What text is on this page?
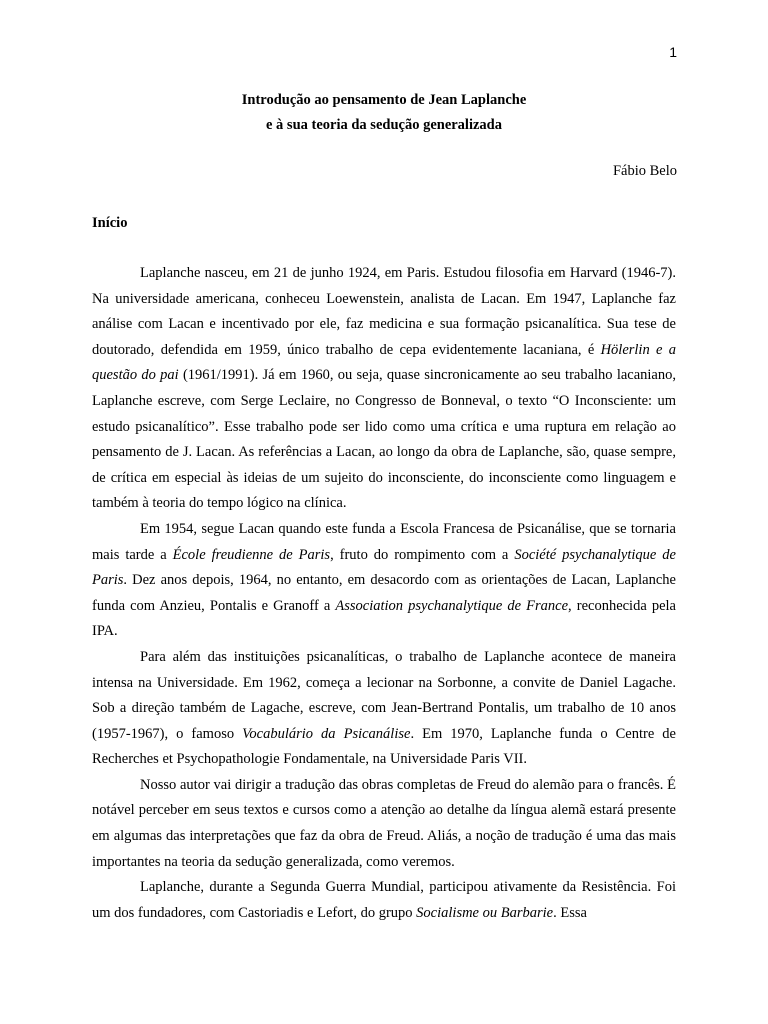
1
Introdução ao pensamento de Jean Laplanche
e à sua teoria da sedução generalizada
Fábio Belo
Início

Laplanche nasceu, em 21 de junho 1924, em Paris. Estudou filosofia em Harvard (1946-7). Na universidade americana, conheceu Loewenstein, analista de Lacan. Em 1947, Laplanche faz análise com Lacan e incentivado por ele, faz medicina e sua formação psicanalítica. Sua tese de doutorado, defendida em 1959, único trabalho de cepa evidentemente lacaniana, é Hölerlin e a questão do pai (1961/1991). Já em 1960, ou seja, quase sincronicamente ao seu trabalho lacaniano, Laplanche escreve, com Serge Leclaire, no Congresso de Bonneval, o texto “O Inconsciente: um estudo psicanalítico”. Esse trabalho pode ser lido como uma crítica e uma ruptura em relação ao pensamento de J. Lacan. As referências a Lacan, ao longo da obra de Laplanche, são, quase sempre, de crítica em especial às ideias de um sujeito do inconsciente, do inconsciente como linguagem e também à teoria do tempo lógico na clínica.

Em 1954, segue Lacan quando este funda a Escola Francesa de Psicanálise, que se tornaria mais tarde a École freudienne de Paris, fruto do rompimento com a Société psychanalytique de Paris. Dez anos depois, 1964, no entanto, em desacordo com as orientações de Lacan, Laplanche funda com Anzieu, Pontalis e Granoff a Association psychanalytique de France, reconhecida pela IPA.

Para além das instituições psicanalíticas, o trabalho de Laplanche acontece de maneira intensa na Universidade. Em 1962, começa a lecionar na Sorbonne, a convite de Daniel Lagache. Sob a direção também de Lagache, escreve, com Jean-Bertrand Pontalis, um trabalho de 10 anos (1957-1967), o famoso Vocabulário da Psicanálise. Em 1970, Laplanche funda o Centre de Recherches et Psychopathologie Fondamentale, na Universidade Paris VII.

Nosso autor vai dirigir a tradução das obras completas de Freud do alemão para o francês. É notável perceber em seus textos e cursos como a atenção ao detalhe da língua alemã estará presente em algumas das interpretações que faz da obra de Freud. Aliás, a noção de tradução é uma das mais importantes na teoria da sedução generalizada, como veremos.

Laplanche, durante a Segunda Guerra Mundial, participou ativamente da Resistência. Foi um dos fundadores, com Castoriadis e Lefort, do grupo Socialisme ou Barbarie. Essa
